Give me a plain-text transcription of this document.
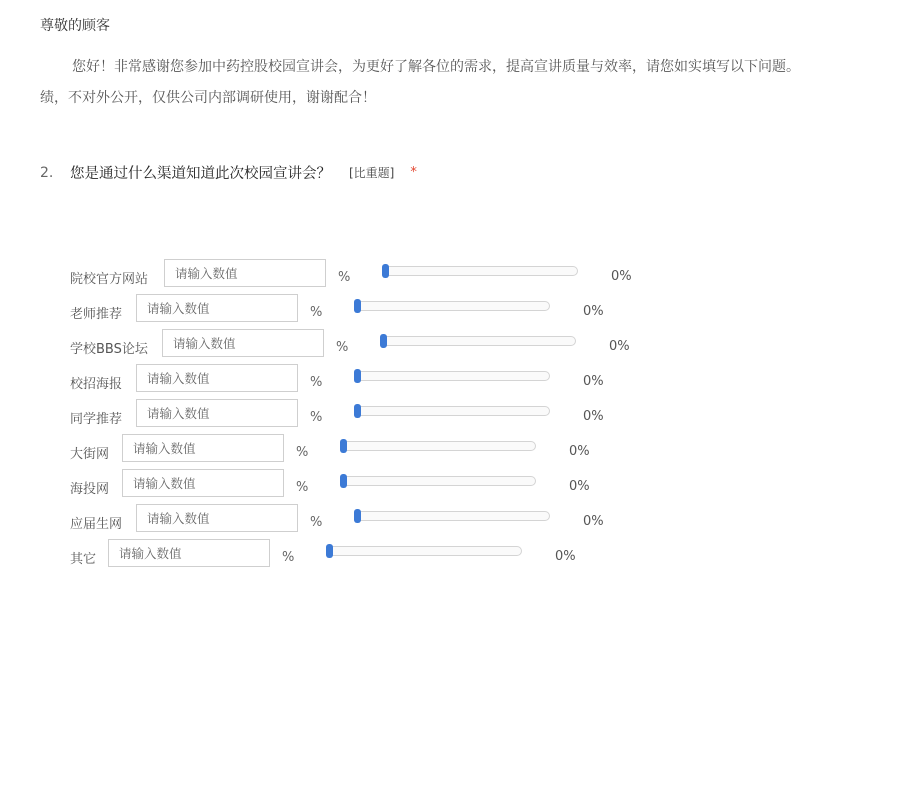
尊敬的顾客
您好！非常感谢您参加中药控股校园宣讲会，为更好了解各位的需求，提高宣讲质量与效率，请您如实填写以下问题。
绩，不对外公开，仅供公司内部调研使用，谢谢配合！
2.	您是通过什么渠道知道此次校园宣讲会？ [比重题] *
院校官方网站
请输入数值	%	0%
老师推荐
请输入数值	%	0%
学校BBS论坛
请输入数值	%	0%
校招海报
请输入数值	%	0%
同学推荐
请输入数值	%	0%
大街网
请输入数值	%	0%
海投网
请输入数值	%	0%
应届生网
请输入数值	%	0%
其它
请输入数值	%	0%
